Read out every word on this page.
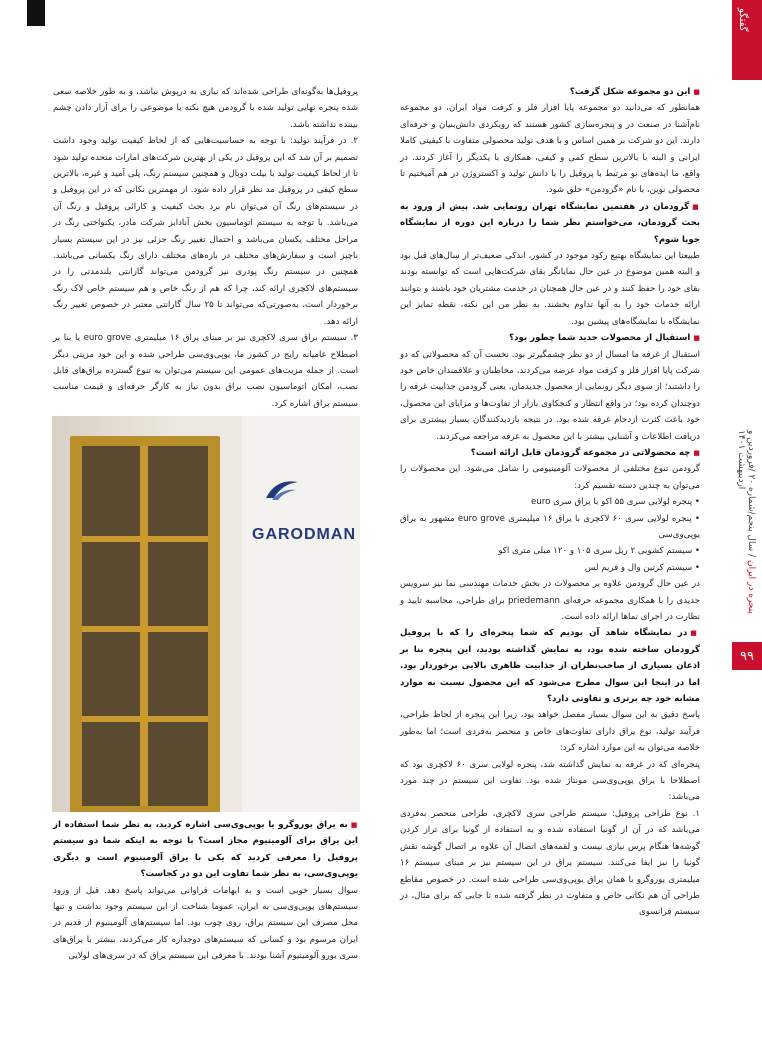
گفتگو
پنجره در ایران / سال پنجم/شماره ۲۰ /فروردین و اردیبهشت ۱۴۰۱
۹۹

■ این دو مجموعه شکل گرفت؟

همانطور که می‌دانید دو مجموعه پایا افزار فلز و کرفت مواد ایران، دو مجموعه نام‌آشنا در صنعت در و پنجره‌سازی کشور هستند که رویکردی دانش‌بنیان و حرفه‌ای دارند. این دو شرکت بر همین اساس و با هدف تولید محصولی متفاوت با کیفیتی کاملا ایرانی و البته با بالاترین سطح کمی و کیفی، همکاری با یکدیگر را آغاز کردند. در واقع، ما ایده‌های نو مرتبط با پروفیل را با دانش تولید و اکستروژن در هم آمیختیم تا محصولی نوین، با نام «گرودمن» خلق شود.

■ گرودمان در هفتمین نمایشگاه تهران رونمایی شد. پیش از ورود به بحث گرودمان، می‌خواستم نظر شما را درباره این دوره از نمایشگاه جویا شوم؟

طبیعتا این نمایشگاه بهتبع رکود موجود در کشور، اندکی ضعیف‌تر از سال‌های قبل بود و البته همین موضوع در عین حال نمایانگر بقای شرکت‌هایی است که توانسته بودند بقای خود را حفظ کنند و در عین حال همچنان در خدمت مشتریان خود باشند و بتوانند ارائه خدمات خود را به آنها تداوم بخشند. به نظر من این نکته، نقطه تمایز این نمایشگاه با نمایشگاه‌های پیشین بود.

■ استقبال از محصولات جدید شما چطور بود؟

استقبال از غرفه ما امسال از دو نظر چشمگیرتر بود. نخست آن که محصولاتی که دو شرکت پایا افزار فلز و کرفت مواد عرضه می‌کردند، مخاطبان و علاقمندان خاص خود را داشتند؛ از سوی دیگر رونمایی از محصول جدیدمان، یعنی گرودمن جذابیت غرفه را دوچندان کرده بود؛ در واقع انتظار و کنجکاوی بازار از تفاوت‌ها و مزایای این محصول، خود باعث کثرت ازدحام غرفه شده بود. در نتیجه بازدیدکنندگان بسیار بیشتری برای دریافت اطلاعات و آشنایی بیشتر با این محصول به غرفه مراجعه می‌کردند.

■ چه محصولاتی در مجموعه گرودمان قابل ارائه است؟

گرودمن تنوع مختلفی از محصولات آلومینیومی را شامل می‌شود. این محصولات را می‌توان به چندین دسته تقسیم کرد:

• پنجره لولایی سری ۵۵ اکو با یراق سری euro

• پنجره لولایی سری ۶۰ لاکچری با یراق ۱۶ میلیمتری euro grove مشهور به یراق یو‌پی‌وی‌سی

• سیستم کشویی ۲ ریل سری ۱۰۵ و ۱۲۰ میلی متری اکو

• سیستم کرتین وال و فریم لس

در عین حال گرودمن علاوه بر محصولات در بخش خدمات مهندسی نما نیز سرویس جدیدی را با همکاری مجموعه حرفه‌ای priedemann برای طراحی، محاسبه تایید و نظارت در اجرای نماها ارائه داده است.

■ در نمایشگاه شاهد آن بودیم که شما پنجره‌ای را که با پروفیل گرودمان ساخته شده بود، به نمایش گذاشته بودید، این پنجره بنا بر اذعان بسیاری از صاحب‌نظران از جذابیت ظاهری بالایی برخوردار بود. اما در اینجا این سوال مطرح می‌شود که این محصول نسبت به موارد مشابه خود چه برتری و تفاوتی دارد؟

پاسخ دقیق به این سوال بسیار مفصل خواهد بود، زیرا این پنجره از لحاظ طراحی، فرآیند تولید، نوع یراق دارای تفاوت‌های خاص و منحصر به‌فردی است؛ اما به‌طور خلاصه می‌توان به این موارد اشاره کرد:

پنجره‌ای که در غرفه به نمایش گذاشته شد، پنجره لولایی سری ۶۰ لاکچری بود که اصطلاحا با یراق یو‌پی‌وی‌سی مونتاژ شده بود. تفاوت این سیستم در چند مورد می‌باشد:

۱. نوع طراحی پروفیل: سیستم طراحی سری لاکچری، طراحی منحصر به‌فردی می‌باشد که در آن از گونیا استفاده شده و به استفاده از گونیا برای تراز کردن گوشه‌ها هنگام پرس نیازی نیست و لقمه‌های اتصال آن علاوه بر اتصال گوشه نقش گونیا را نیز ایفا می‌کنند. سیستم یراق در این سیستم نیز بر مبنای سیستم ۱۶ میلیمتری یوروگرو یا همان یراق یو‌پی‌وی‌سی طراحی شده است. در خصوص مقاطع طراحی آن هم نکاتی خاص و متفاوت در نظر گرفته شده تا جایی که برای مثال، در سیستم فرانسوی

پروفیل‌ها به‌گونه‌ای طراحی شده‌اند که نیازی به درپوش نباشد، و به طور خلاصه سعی شده پنجره نهایی تولید شده با گرودمن هیچ نکته یا موضوعی را برای آزار دادن چشم بیننده نداشته باشد.

۲. در فرآیند تولید: با توجه به حساسیت‌هایی که از لحاظ کیفیت تولید وجود داشت تصمیم بر آن شد که این پروفیل در یکی از بهترین شرکت‌های امارات متحده تولید شود تا از لحاظ کیفیت تولید با بیلت دوبال و همچنین سیستم رنگ، پلی آمید و غیره، بالاترین سطح کیفی در پروفیل مد نظر قرار داده شود. از مهمترین نکاتی که در این پروفیل و در سیستم‌های رنگ آن می‌توان نام برد بحث کیفیت و کارائی پروفیل و رنگ آن می‌باشد. با توجه به سیستم اتوماسیون بخش آنادایز شرکت مادر، یکنواختی رنگ در مراحل مختلف یکسان می‌باشد و احتمال تغییر رنگ جزئی نیز در این سیستم بسیار ناچیز است و سفارش‌های مختلف در بازه‌های مختلف دارای رنگ یکسانی می‌باشد. همچنین در سیستم رنگ پودری نیز گرودمن می‌تواند گارانتی بلندمدتی را در سیستم‌های لاکچری ارائه کند، چرا که هم از رنگ خاص و هم سیستم خاص لاک رنگ برخوردار است، به‌صورتی‌که می‌تواند تا ۲۵ سال گارانتی معتبر در خصوص تغییر رنگ ارائه دهد.

۳. سیستم یراق سری لاکچری نیز بر مبنای یراق ۱۶ میلیمتری euro grove یا بنا بر اصطلاح عامیانه رایج در کشور ما، یو‌پی‌وی‌سی طراحی شده و این خود مزیتی دیگر است. از جمله مزیت‌های عمومی این سیستم می‌توان به تنوع گسترده یراق‌های قابل نصب، امکان اتوماسیون نصب یراق بدون نیاز به کارگر حرفه‌ای و قیمت مناسب سیستم یراق اشاره کرد.

■ به یراق یوروگرو یا یو‌پی‌وی‌سی اشاره کردید، به نظر شما استفاده از این یراق برای آلومینیوم مجاز است؟ با توجه به اینکه شما دو سیستم پروفیل را معرفی کردید که یکی با یراق آلومینیوم است و دیگری یو‌پی‌وی‌سی، به نظر شما تفاوت این دو در کجاست؟

سوال بسیار خوبی است و به ابهامات فراوانی می‌تواند پاسخ دهد. قبل از ورود سیستم‌های یو‌پی‌وی‌سی به ایران، عموما شناخت از این سیستم وجود نداشت و تنها محل مصرف این سیستم یراق، روی چوب بود. اما سیستم‌های آلومینیوم از قدیم در ایران مرسوم بود و کسانی که سیستم‌های دوجداره کار می‌کردند، بیشتر با یراق‌های سری یورو آلومینیوم آشنا بودند. با معرفی این سیستم یراق که در سری‌های لولایی

GARODMAN
